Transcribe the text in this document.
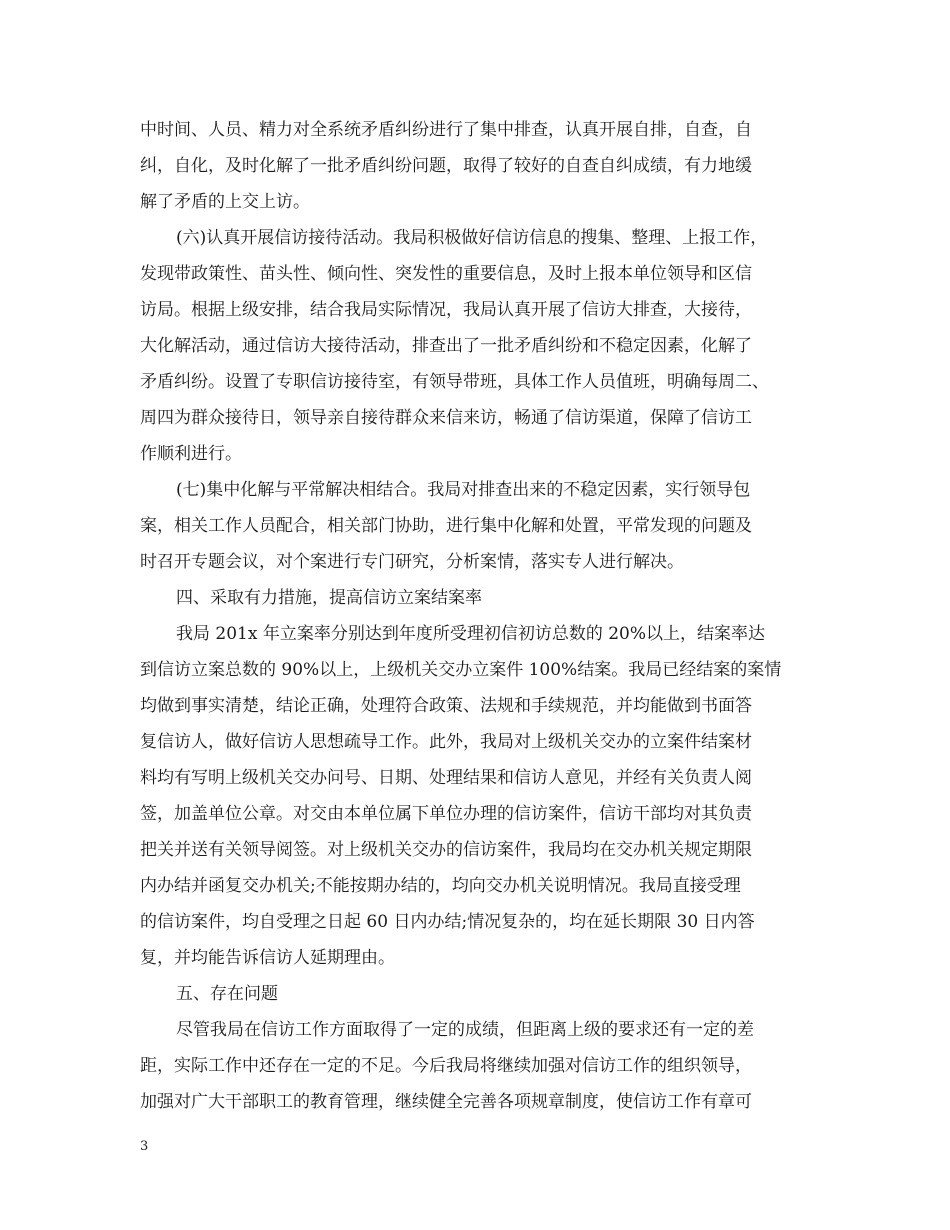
中时间、人员、精力对全系统矛盾纠纷进行了集中排查，认真开展自排，自查，自
纠，自化，及时化解了一批矛盾纠纷问题，取得了较好的自查自纠成绩，有力地缓
解了矛盾的上交上访。
(六)认真开展信访接待活动。我局积极做好信访信息的搜集、整理、上报工作，
发现带政策性、苗头性、倾向性、突发性的重要信息，及时上报本单位领导和区信
访局。根据上级安排，结合我局实际情况，我局认真开展了信访大排查，大接待，
大化解活动，通过信访大接待活动，排查出了一批矛盾纠纷和不稳定因素，化解了
矛盾纠纷。设置了专职信访接待室，有领导带班，具体工作人员值班，明确每周二、
周四为群众接待日，领导亲自接待群众来信来访，畅通了信访渠道，保障了信访工
作顺利进行。
(七)集中化解与平常解决相结合。我局对排查出来的不稳定因素，实行领导包
案，相关工作人员配合，相关部门协助，进行集中化解和处置，平常发现的问题及
时召开专题会议，对个案进行专门研究，分析案情，落实专人进行解决。
四、采取有力措施，提高信访立案结案率
我局 201x 年立案率分别达到年度所受理初信初访总数的 20%以上，结案率达
到信访立案总数的 90%以上，上级机关交办立案件 100%结案。我局已经结案的案情
均做到事实清楚，结论正确，处理符合政策、法规和手续规范，并均能做到书面答
复信访人，做好信访人思想疏导工作。此外，我局对上级机关交办的立案件结案材
料均有写明上级机关交办问号、日期、处理结果和信访人意见，并经有关负责人阅
签，加盖单位公章。对交由本单位属下单位办理的信访案件，信访干部均对其负责
把关并送有关领导阅签。对上级机关交办的信访案件，我局均在交办机关规定期限
内办结并函复交办机关;不能按期办结的，均向交办机关说明情况。我局直接受理
的信访案件，均自受理之日起 60 日内办结;情况复杂的，均在延长期限 30 日内答
复，并均能告诉信访人延期理由。
五、存在问题
尽管我局在信访工作方面取得了一定的成绩，但距离上级的要求还有一定的差
距，实际工作中还存在一定的不足。今后我局将继续加强对信访工作的组织领导，
加强对广大干部职工的教育管理，继续健全完善各项规章制度，使信访工作有章可
3
